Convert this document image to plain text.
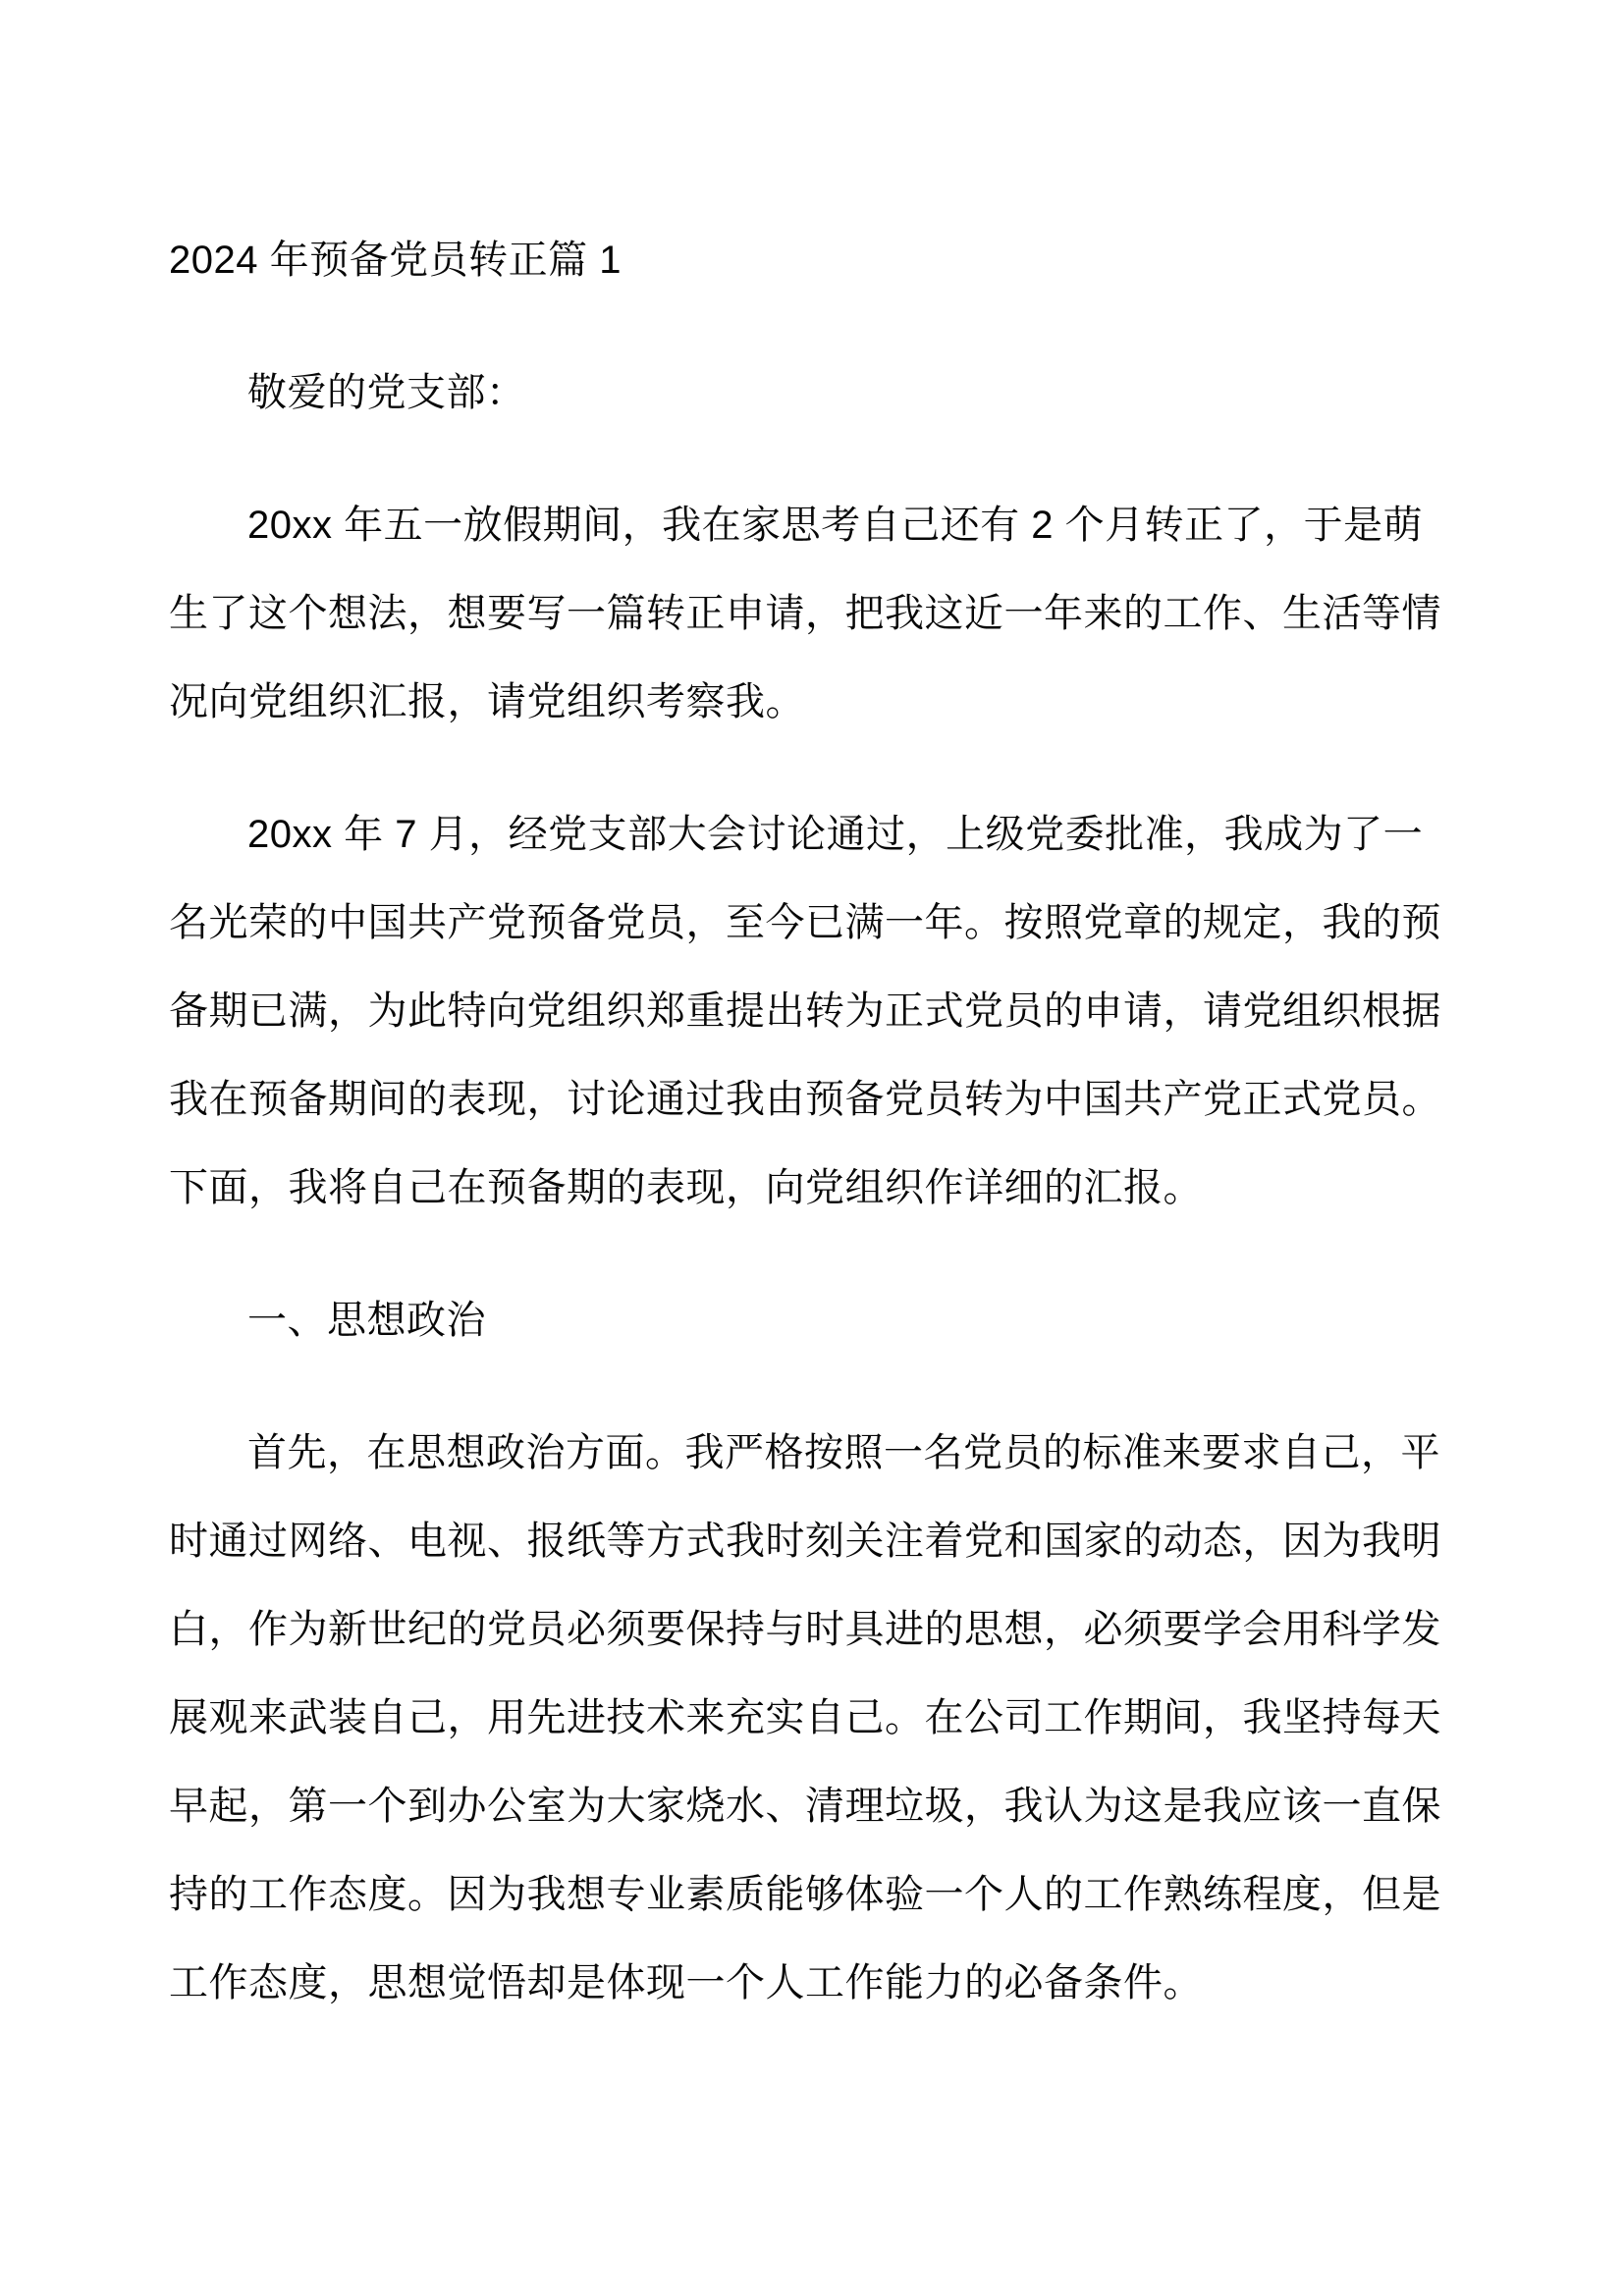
2024 年预备党员转正篇 1
敬爱的党支部：
20xx 年五一放假期间，我在家思考自己还有 2 个月转正了，于是萌
生了这个想法，想要写一篇转正申请，把我这近一年来的工作、生活等情
况向党组织汇报，请党组织考察我。
20xx 年 7 月，经党支部大会讨论通过，上级党委批准，我成为了一
名光荣的中国共产党预备党员，至今已满一年。按照党章的规定，我的预
备期已满，为此特向党组织郑重提出转为正式党员的申请，请党组织根据
我在预备期间的表现，讨论通过我由预备党员转为中国共产党正式党员。
下面，我将自己在预备期的表现，向党组织作详细的汇报。
一、思想政治
首先，在思想政治方面。我严格按照一名党员的标准来要求自己，平
时通过网络、电视、报纸等方式我时刻关注着党和国家的动态，因为我明
白，作为新世纪的党员必须要保持与时具进的思想，必须要学会用科学发
展观来武装自己，用先进技术来充实自己。在公司工作期间，我坚持每天
早起，第一个到办公室为大家烧水、清理垃圾，我认为这是我应该一直保
持的工作态度。因为我想专业素质能够体验一个人的工作熟练程度，但是
工作态度，思想觉悟却是体现一个人工作能力的必备条件。
